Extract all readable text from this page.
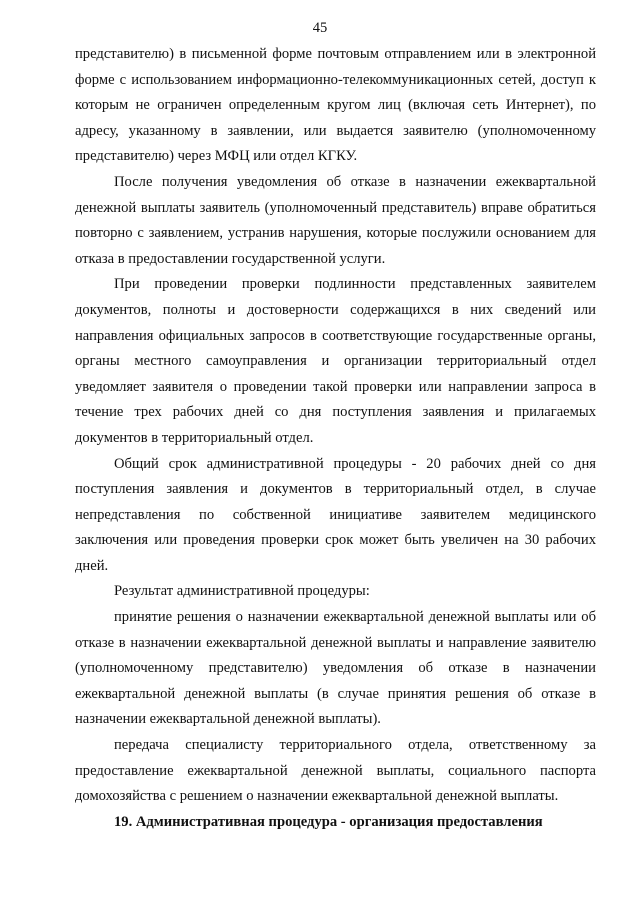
45

представителю) в письменной форме почтовым отправлением или в электронной форме с использованием информационно-телекоммуникационных сетей, доступ к которым не ограничен определенным кругом лиц (включая сеть Интернет), по адресу, указанному в заявлении, или выдается заявителю (уполномоченному представителю) через МФЦ или отдел КГКУ.

После получения уведомления об отказе в назначении ежеквартальной денежной выплаты заявитель (уполномоченный представитель) вправе обратиться повторно с заявлением, устранив нарушения, которые послужили основанием для отказа в предоставлении государственной услуги.

При проведении проверки подлинности представленных заявителем документов, полноты и достоверности содержащихся в них сведений или направления официальных запросов в соответствующие государственные органы, органы местного самоуправления и организации территориальный отдел уведомляет заявителя о проведении такой проверки или направлении запроса в течение трех рабочих дней со дня поступления заявления и прилагаемых документов в территориальный отдел.

Общий срок административной процедуры - 20 рабочих дней со дня поступления заявления и документов в территориальный отдел, в случае непредставления по собственной инициативе заявителем медицинского заключения или проведения проверки срок может быть увеличен на 30 рабочих дней.

Результат административной процедуры:

принятие решения о назначении ежеквартальной денежной выплаты или об отказе в назначении ежеквартальной денежной выплаты и направление заявителю (уполномоченному представителю) уведомления об отказе в назначении ежеквартальной денежной выплаты (в случае принятия решения об отказе в назначении ежеквартальной денежной выплаты).

передача специалисту территориального отдела, ответственному за предоставление ежеквартальной денежной выплаты, социального паспорта домохозяйства с решением о назначении ежеквартальной денежной выплаты.

19. Административная процедура - организация предоставления
